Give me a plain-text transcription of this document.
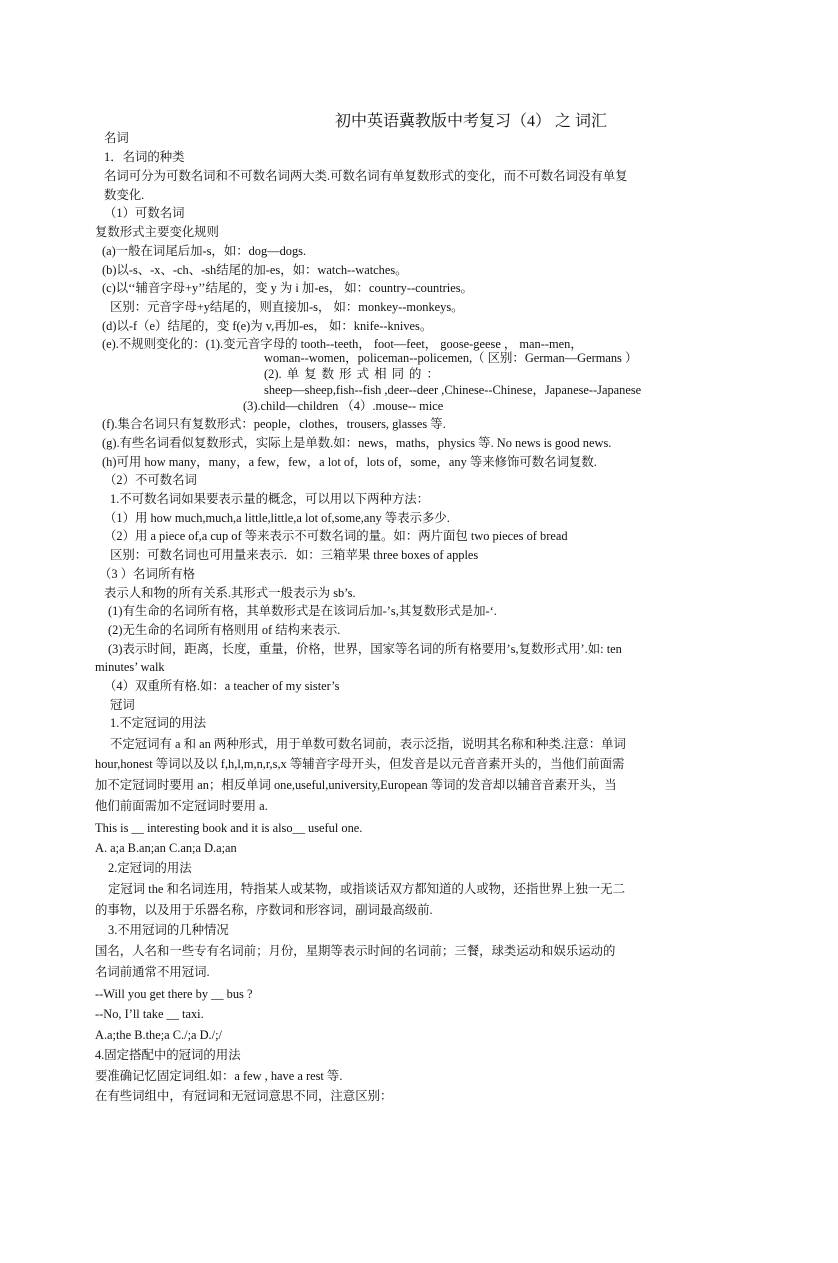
初中英语冀教版中考复习（4） 之 词汇
名词
1．名词的种类
名词可分为可数名词和不可数名词两大类.可数名词有单复数形式的变化，而不可数名词没有单复
数变化.
（1）可数名词
复数形式主要变化规则
(a)一般在词尾后加-s，如：dog—dogs.
(b)以-s、-x、-ch、-sh结尾的加-es，如：watch--watches。
(c)以‘‘辅音字母+y’’结尾的，变 y 为 i 加-es， 如：country--countries。
区别：元音字母+y结尾的，则直接加-s， 如：monkey--monkeys。
(d)以-f（e）结尾的，变 f(e)为 v,再加-es， 如：knife--knives。
(e).不规则变化的：(1).变元音字母的 tooth--teeth， foot—feet， goose-geese ， man--men，
woman--women，policeman--policemen,（ 区别：German—Germans ）
(2). 单 复 数 形 式 相 同 的 ：
sheep—sheep,fish--fish ,deer--deer ,Chinese--Chinese，Japanese--Japanese
(3).child—children （4）.mouse-- mice
(f).集合名词只有复数形式：people，clothes，trousers, glasses 等.
(g).有些名词看似复数形式，实际上是单数.如：news，maths，physics 等. No news is good news.
(h)可用 how many，many，a few，few，a lot of，lots of，some，any 等来修饰可数名词复数.
（2）不可数名词
1.不可数名词如果要表示量的概念，可以用以下两种方法：
（1）用 how much,much,a little,little,a lot of,some,any 等表示多少.
（2）用 a piece of,a cup of 等来表示不可数名词的量。如：两片面包 two pieces of bread
区别：可数名词也可用量来表示．如：三箱苹果 three boxes of apples
（3 ）名词所有格
表示人和物的所有关系.其形式一般表示为 sb’s.
(1)有生命的名词所有格，其单数形式是在该词后加-’s,其复数形式是加-‘.
(2)无生命的名词所有格则用 of 结构来表示.
(3)表示时间，距离，长度，重量，价格，世界，国家等名词的所有格要用’s,复数形式用’.如: ten
minutes’ walk
（4）双重所有格.如：a teacher of my sister’s
冠词
1.不定冠词的用法
不定冠词有 a 和 an 两种形式，用于单数可数名词前，表示泛指，说明其名称和种类.注意：单词
hour,honest 等词以及以 f,h,l,m,n,r,s,x 等辅音字母开头，但发音是以元音音素开头的，当他们前面需
加不定冠词时要用 an；相反单词 one,useful,university,European 等词的发音却以辅音音素开头，当
他们前面需加不定冠词时要用 a.
This is __ interesting book and it is also__ useful one.
A. a;a B.an;an C.an;a D.a;an
2.定冠词的用法
定冠词 the 和名词连用，特指某人或某物，或指谈话双方都知道的人或物，还指世界上独一无二
的事物，以及用于乐器名称，序数词和形容词，副词最高级前.
3.不用冠词的几种情况
国名，人名和一些专有名词前；月份，星期等表示时间的名词前；三餐，球类运动和娱乐运动的
名词前通常不用冠词.
--Will you get there by __ bus ?
--No, I’ll take __ taxi.
A.a;the B.the;a C./;a D./;/
4.固定搭配中的冠词的用法
要准确记忆固定词组.如：a few , have a rest 等.
在有些词组中，有冠词和无冠词意思不同，注意区别：
